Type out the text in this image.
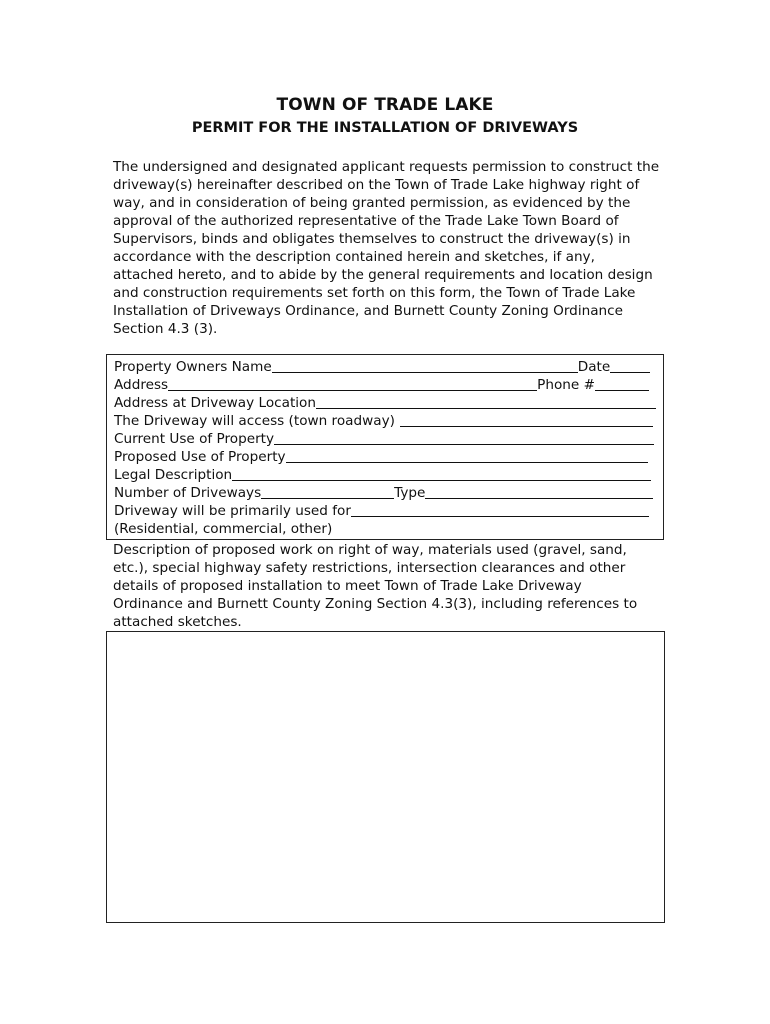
TOWN OF TRADE LAKE
PERMIT FOR THE INSTALLATION OF DRIVEWAYS
The undersigned and designated applicant requests permission to construct the
driveway(s) hereinafter described on the Town of Trade Lake highway right of
way, and in consideration of being granted permission, as evidenced by the
approval of the authorized representative of the Trade Lake Town Board of
Supervisors, binds and obligates themselves to construct the driveway(s) in
accordance with the description contained herein and sketches, if any,
attached hereto, and to abide by the general requirements and location design
and construction requirements set forth on this form, the Town of Trade Lake
Installation of Driveways Ordinance, and Burnett County Zoning Ordinance
Section 4.3 (3).
Property Owners Name	Date
Address	Phone #
Address at Driveway Location
The Driveway will access (town roadway)
Current Use of Property
Proposed Use of Property
Legal Description
Number of Driveways	Type
Driveway will be primarily used for
(Residential, commercial, other)
Description of proposed work on right of way, materials used (gravel, sand,
etc.), special highway safety restrictions, intersection clearances and other
details of proposed installation to meet Town of Trade Lake Driveway
Ordinance and Burnett County Zoning Section 4.3(3), including references to
attached sketches.
